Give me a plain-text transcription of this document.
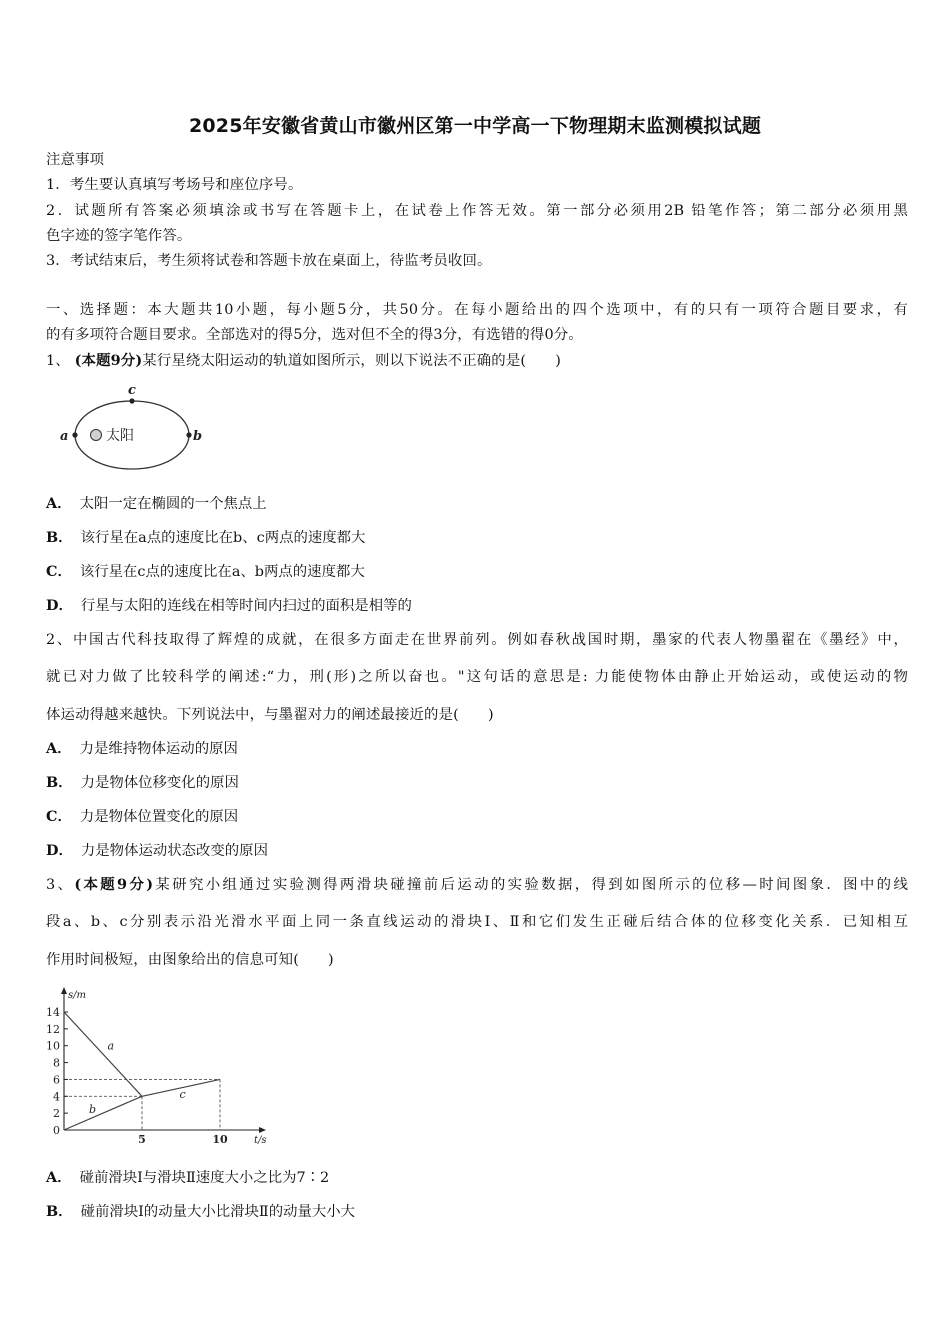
2025年安徽省黄山市徽州区第一中学高一下物理期末监测模拟试题
注意事项
1．考生要认真填写考场号和座位序号。
2．试题所有答案必须填涂或书写在答题卡上，在试卷上作答无效。第一部分必须用2B 铅笔作答；第二部分必须用黑
色字迹的签字笔作答。
3．考试结束后，考生须将试卷和答题卡放在桌面上，待监考员收回。
一、选择题：本大题共10小题，每小题5分，共50分。在每小题给出的四个选项中，有的只有一项符合题目要求，有
的有多项符合题目要求。全部选对的得5分，选对但不全的得3分，有选错的得0分。
1、 (本题9分)某行星绕太阳运动的轨道如图所示，则以下说法不正确的是(　　)
太阳
a	b
c
A． 太阳一定在椭圆的一个焦点上
B． 该行星在a点的速度比在b、c两点的速度都大
C． 该行星在c点的速度比在a、b两点的速度都大
D． 行星与太阳的连线在相等时间内扫过的面积是相等的
2、中国古代科技取得了辉煌的成就，在很多方面走在世界前列。例如春秋战国时期，墨家的代表人物墨翟在《墨经》中，
就已对力做了比较科学的阐述:“力，刑(形)之所以奋也。"这句话的意思是: 力能使物体由静止开始运动，或使运动的物
体运动得越来越快。下列说法中，与墨翟对力的阐述最接近的是(　　)
A． 力是维持物体运动的原因
B． 力是物体位移变化的原因
C． 力是物体位置变化的原因
D． 力是物体运动状态改变的原因
3、(本题9分)某研究小组通过实验测得两滑块碰撞前后运动的实验数据，得到如图所示的位移—时间图象．图中的线
段a、b、c分别表示沿光滑水平面上同一条直线运动的滑块Ⅰ、Ⅱ和它们发生正碰后结合体的位移变化关系．已知相互
作用时间极短，由图象给出的信息可知(　　)
s/m
t/s
0
2
4
6
8
10
12
14
5	10
a
b
c
A． 碰前滑块Ⅰ与滑块Ⅱ速度大小之比为7∶2
B． 碰前滑块Ⅰ的动量大小比滑块Ⅱ的动量大小大
